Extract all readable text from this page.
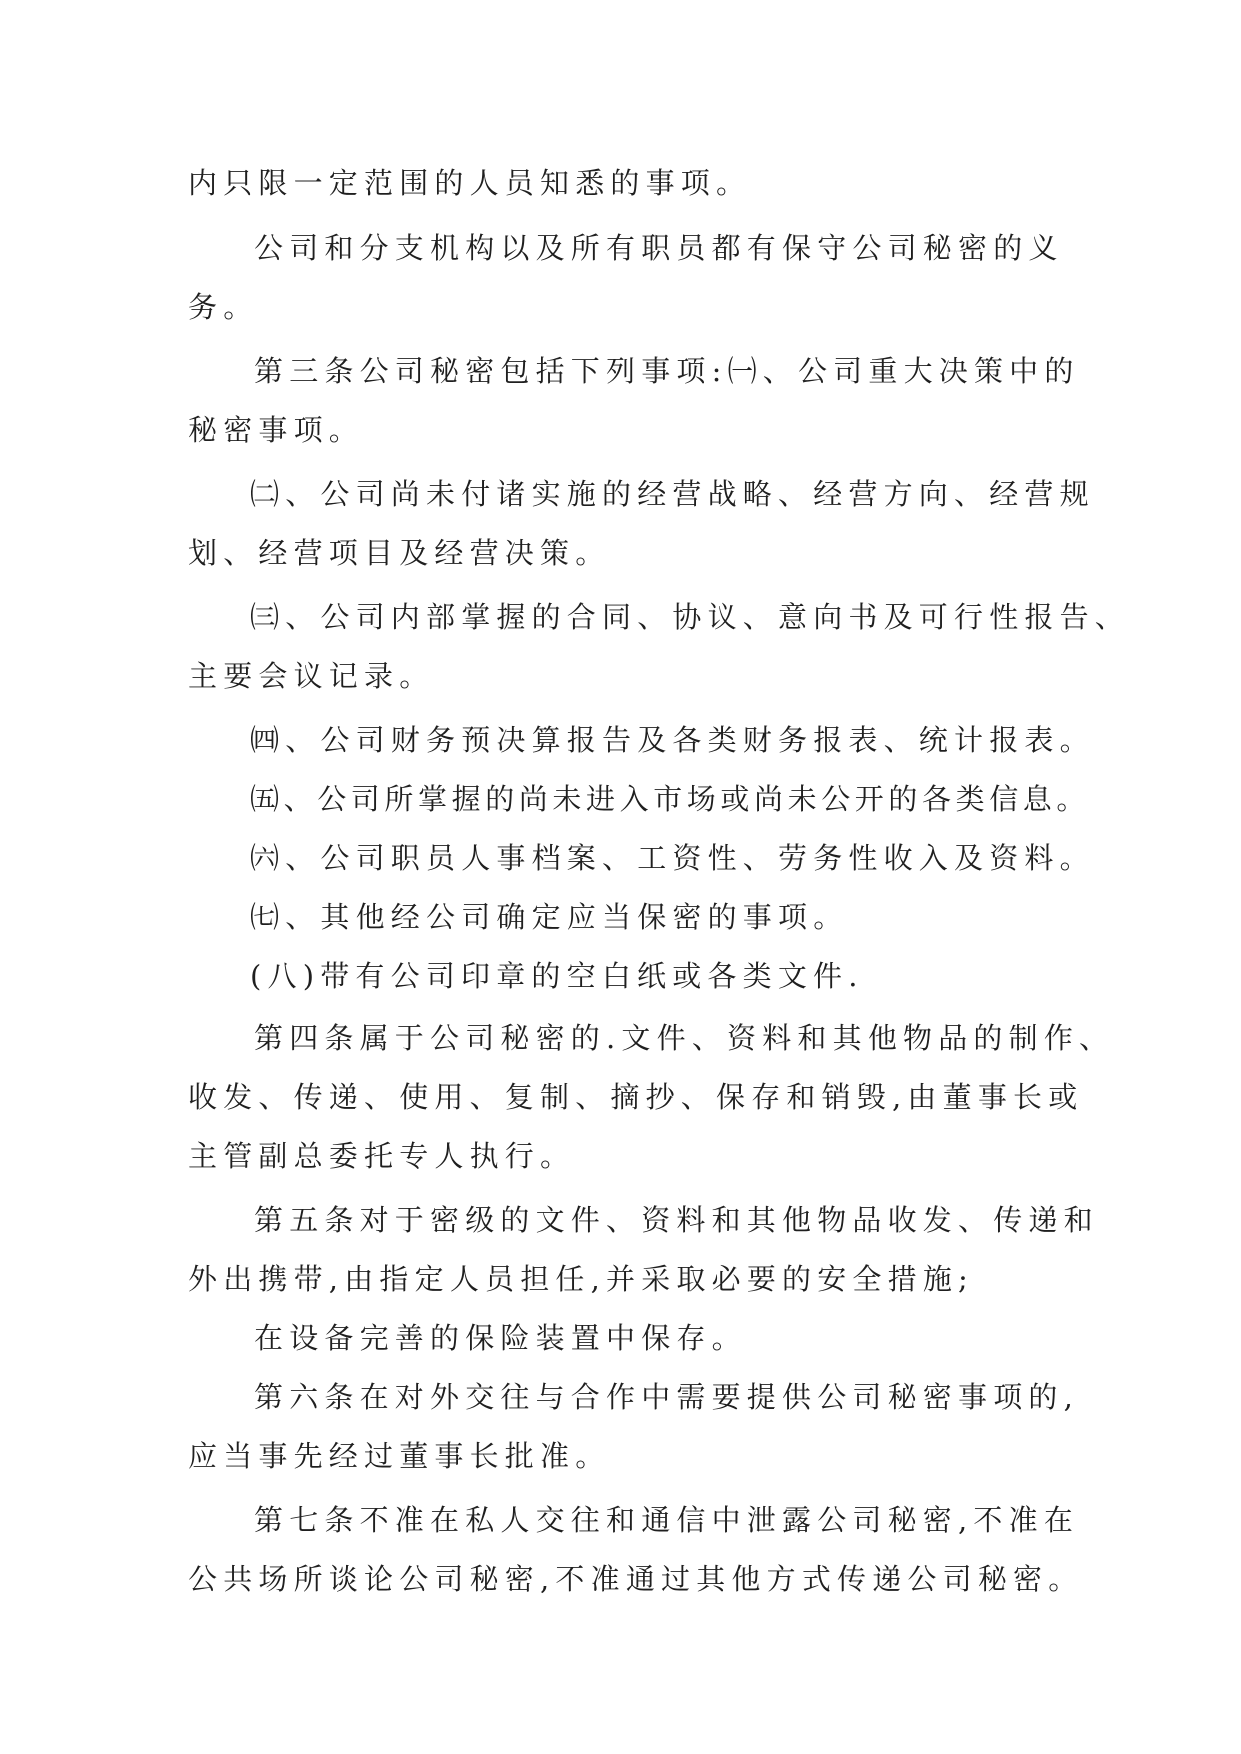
内只限一定范围的人员知悉的事项。
公司和分支机构以及所有职员都有保守公司秘密的义
务。
第三条公司秘密包括下列事项:㈠、公司重大决策中的
秘密事项。
㈡、公司尚未付诸实施的经营战略、经营方向、经营规
划、经营项目及经营决策。
㈢、公司内部掌握的合同、协议、意向书及可行性报告、
主要会议记录。
㈣、公司财务预决算报告及各类财务报表、统计报表。
㈤、公司所掌握的尚未进入市场或尚未公开的各类信息。
㈥、公司职员人事档案、工资性、劳务性收入及资料。
㈦、其他经公司确定应当保密的事项。
(八)带有公司印章的空白纸或各类文件.
第四条属于公司秘密的.文件、资料和其他物品的制作、
收发、传递、使用、复制、摘抄、保存和销毁,由董事长或
主管副总委托专人执行。
第五条对于密级的文件、资料和其他物品收发、传递和
外出携带,由指定人员担任,并采取必要的安全措施;
在设备完善的保险装置中保存。
第六条在对外交往与合作中需要提供公司秘密事项的,
应当事先经过董事长批准。
第七条不准在私人交往和通信中泄露公司秘密,不准在
公共场所谈论公司秘密,不准通过其他方式传递公司秘密。
